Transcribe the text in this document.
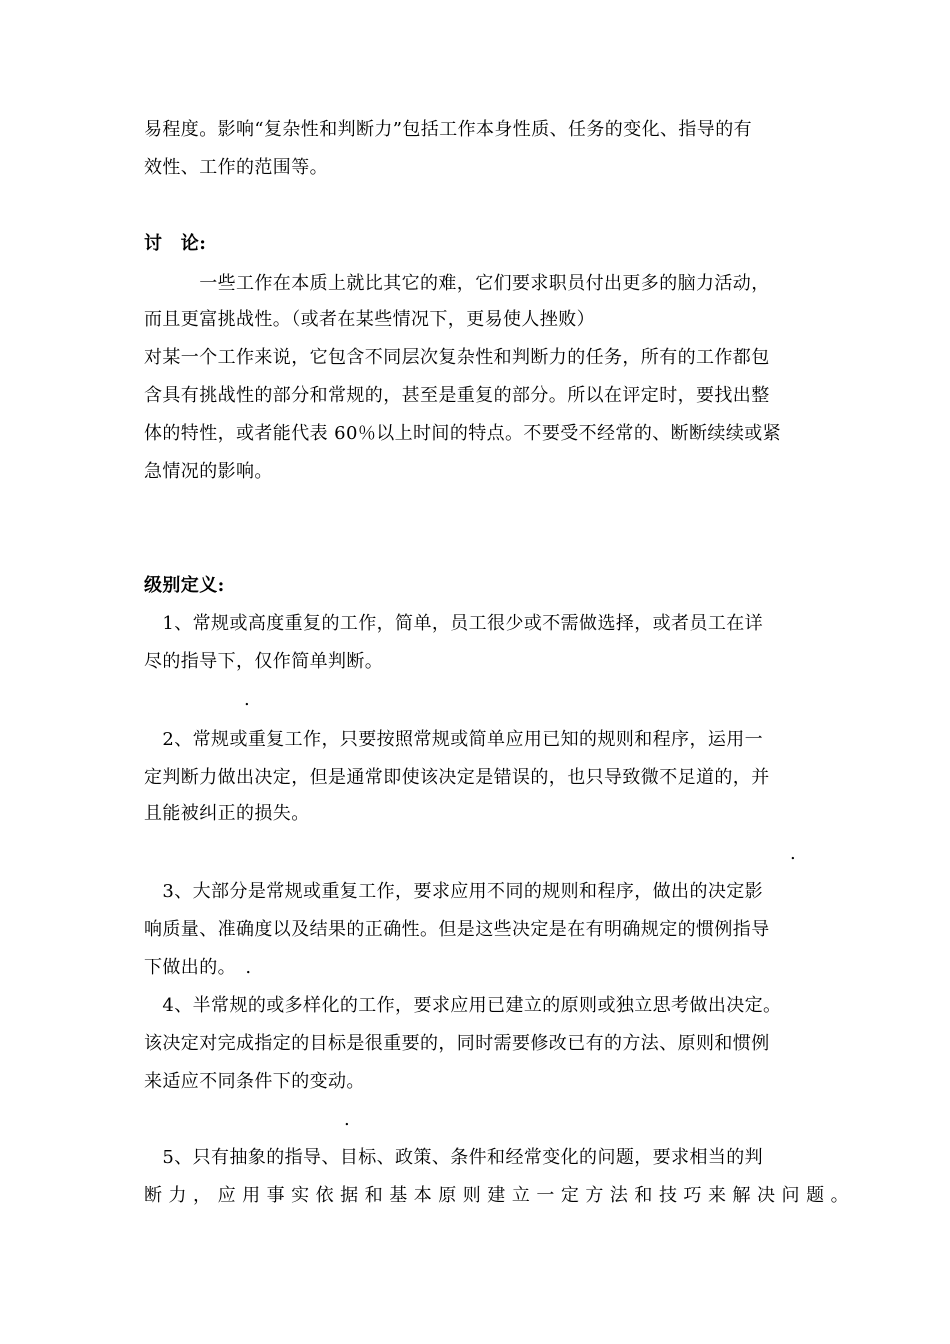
易程度。影响“复杂性和判断力”包括工作本身性质、任务的变化、指导的有
效性、工作的范围等。
讨　论:
　　　一些工作在本质上就比其它的难，它们要求职员付出更多的脑力活动，
而且更富挑战性。（或者在某些情况下，更易使人挫败）
对某一个工作来说，它包含不同层次复杂性和判断力的任务，所有的工作都包
含具有挑战性的部分和常规的，甚至是重复的部分。所以在评定时，要找出整
体的特性，或者能代表 60％以上时间的特点。不要受不经常的、断断续续或紧
急情况的影响。
级别定义:
　1、常规或高度重复的工作，简单，员工很少或不需做选择，或者员工在详
尽的指导下，仅作简单判断。
.
　2、常规或重复工作，只要按照常规或简单应用已知的规则和程序，运用一
定判断力做出决定，但是通常即使该决定是错误的，也只导致微不足道的，并
且能被纠正的损失。
.
　3、大部分是常规或重复工作，要求应用不同的规则和程序，做出的决定影
响质量、准确度以及结果的正确性。但是这些决定是在有明确规定的惯例指导
下做出的。　.
　4、半常规的或多样化的工作，要求应用已建立的原则或独立思考做出决定。
该决定对完成指定的目标是很重要的，同时需要修改已有的方法、原则和惯例
来适应不同条件下的变动。
.
　5、只有抽象的指导、目标、政策、条件和经常变化的问题，要求相当的判
断 力 ， 应 用 事 实 依 据 和 基 本 原 则 建 立 一 定 方 法 和 技 巧 来 解 决 问 题 。
